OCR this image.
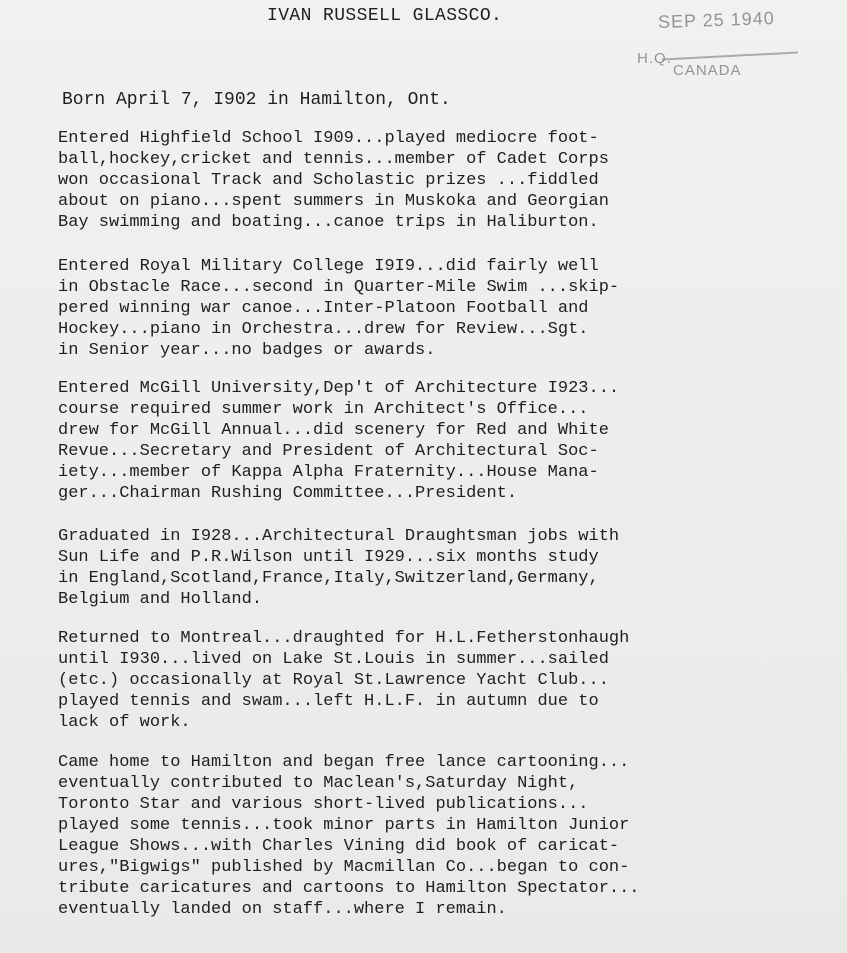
IVAN RUSSELL GLASSCO.	SEP 25 1940
H.Q.
CANADA
Born April 7, I902 in Hamilton, Ont.
Entered Highfield School I909...played mediocre foot-
ball,hockey,cricket and tennis...member of Cadet Corps
won occasional Track and Scholastic prizes ...fiddled
about on piano...spent summers in Muskoka and Georgian
Bay swimming and boating...canoe trips in Haliburton.
Entered Royal Military College I9I9...did fairly well
in Obstacle Race...second in Quarter-Mile Swim ...skip-
pered winning war canoe...Inter-Platoon Football and
Hockey...piano in Orchestra...drew for Review...Sgt.
in Senior year...no badges or awards.
Entered McGill University,Dep't of Architecture I923...
course required summer work in Architect's Office...
drew for McGill Annual...did scenery for Red and White
Revue...Secretary and President of Architectural Soc-
iety...member of Kappa Alpha Fraternity...House Mana-
ger...Chairman Rushing Committee...President.
Graduated in I928...Architectural Draughtsman jobs with
Sun Life and P.R.Wilson until I929...six months study
in England,Scotland,France,Italy,Switzerland,Germany,
Belgium and Holland.
Returned to Montreal...draughted for H.L.Fetherstonhaugh
until I930...lived on Lake St.Louis in summer...sailed
(etc.) occasionally at Royal St.Lawrence Yacht Club...
played tennis and swam...left H.L.F. in autumn due to
lack of work.
Came home to Hamilton and began free lance cartooning...
eventually contributed to Maclean's,Saturday Night,
Toronto Star and various short-lived publications...
played some tennis...took minor parts in Hamilton Junior
League Shows...with Charles Vining did book of caricat-
ures,"Bigwigs" published by Macmillan Co...began to con-
tribute caricatures and cartoons to Hamilton Spectator...
eventually landed on staff...where I remain.
